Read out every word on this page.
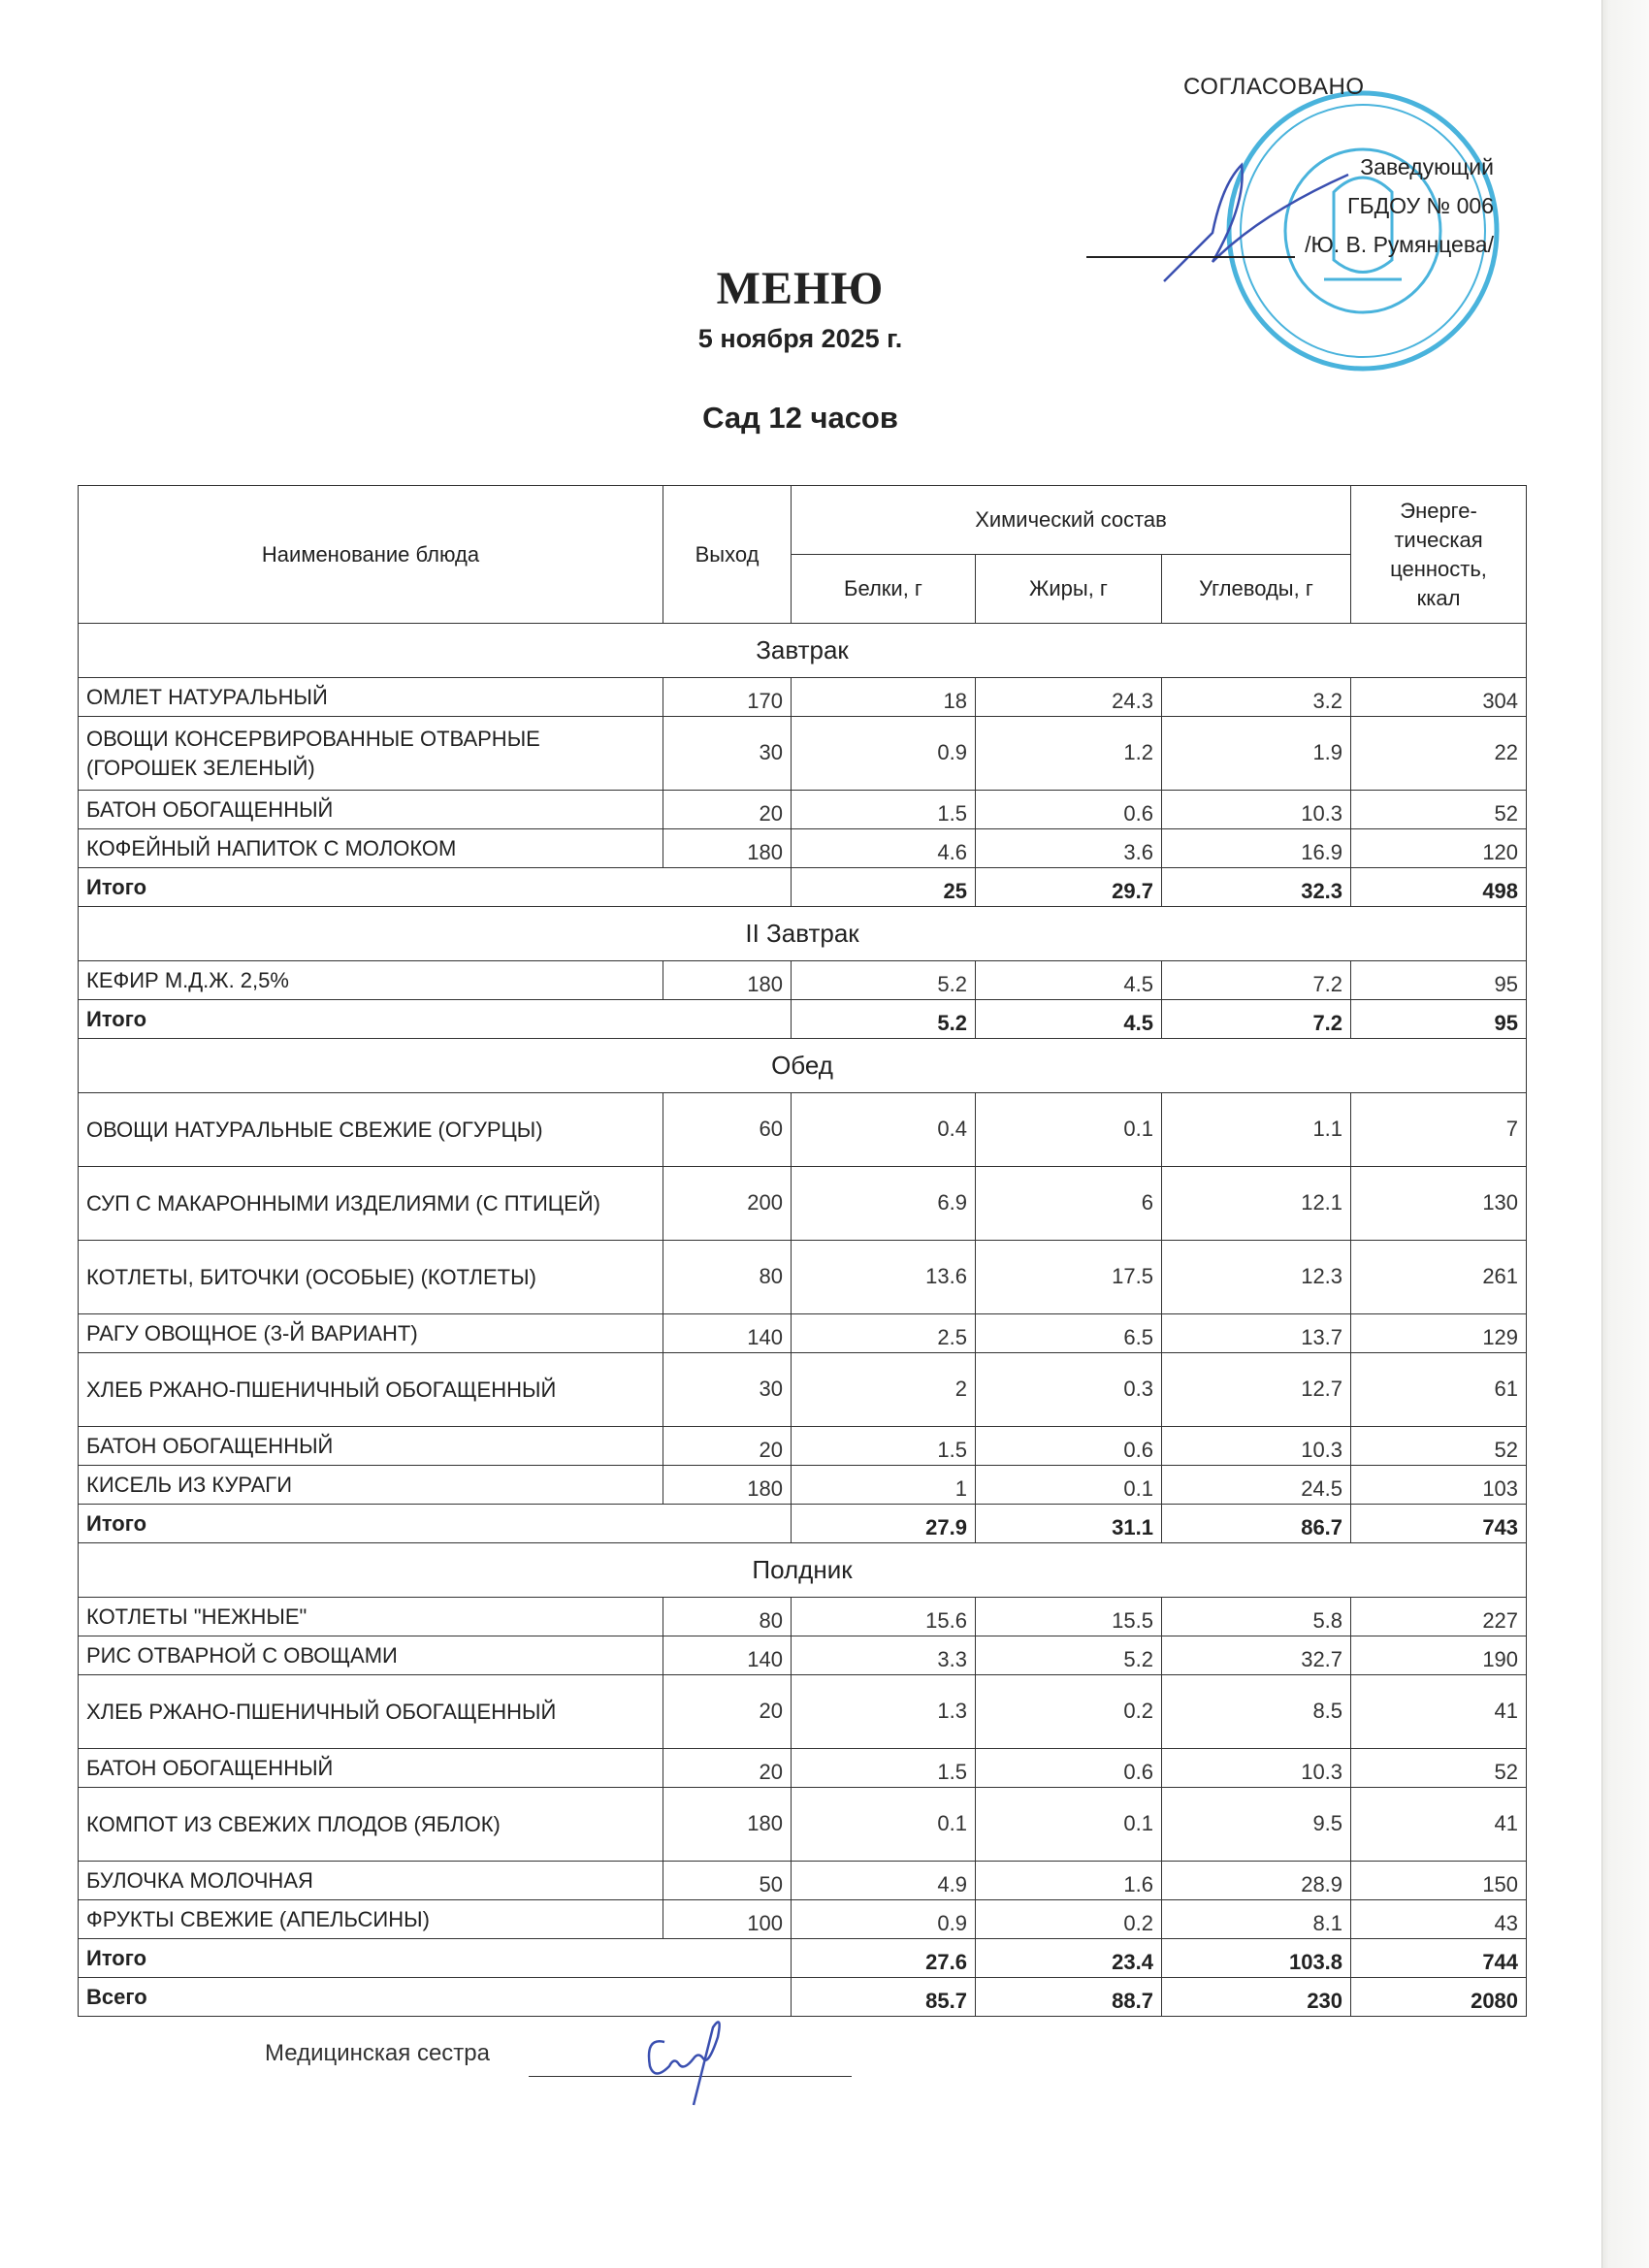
СОГЛАСОВАНО
Заведующий
ГБДОУ № 006
/Ю. В. Румянцева/
МЕНЮ
5 ноября 2025 г.
Сад 12 часов
Наименование блюда	Выход	Химический состав			Энерге-
тическая
ценность,
ккал
		Белки, г	Жиры, г	Углеводы, г	
Завтрак					
ОМЛЕТ НАТУРАЛЬНЫЙ	170	18	24.3	3.2	304
ОВОЩИ КОНСЕРВИРОВАННЫЕ ОТВАРНЫЕ (ГОРОШЕК ЗЕЛЕНЫЙ)	30	0.9	1.2	1.9	22
БАТОН ОБОГАЩЕННЫЙ	20	1.5	0.6	10.3	52
КОФЕЙНЫЙ НАПИТОК С МОЛОКОМ	180	4.6	3.6	16.9	120
Итого		25	29.7	32.3	498
II Завтрак					
КЕФИР М.Д.Ж. 2,5%	180	5.2	4.5	7.2	95
Итого		5.2	4.5	7.2	95
Обед					
ОВОЩИ НАТУРАЛЬНЫЕ СВЕЖИЕ (ОГУРЦЫ)	60	0.4	0.1	1.1	7
СУП С МАКАРОННЫМИ ИЗДЕЛИЯМИ (С ПТИЦЕЙ)	200	6.9	6	12.1	130
КОТЛЕТЫ, БИТОЧКИ (ОСОБЫЕ) (КОТЛЕТЫ)	80	13.6	17.5	12.3	261
РАГУ ОВОЩНОЕ (3-Й ВАРИАНТ)	140	2.5	6.5	13.7	129
ХЛЕБ РЖАНО-ПШЕНИЧНЫЙ ОБОГАЩЕННЫЙ	30	2	0.3	12.7	61
БАТОН ОБОГАЩЕННЫЙ	20	1.5	0.6	10.3	52
КИСЕЛЬ ИЗ КУРАГИ	180	1	0.1	24.5	103
Итого		27.9	31.1	86.7	743
Полдник					
КОТЛЕТЫ "НЕЖНЫЕ"	80	15.6	15.5	5.8	227
РИС ОТВАРНОЙ С ОВОЩАМИ	140	3.3	5.2	32.7	190
ХЛЕБ РЖАНО-ПШЕНИЧНЫЙ ОБОГАЩЕННЫЙ	20	1.3	0.2	8.5	41
БАТОН ОБОГАЩЕННЫЙ	20	1.5	0.6	10.3	52
КОМПОТ ИЗ СВЕЖИХ ПЛОДОВ (ЯБЛОК)	180	0.1	0.1	9.5	41
БУЛОЧКА МОЛОЧНАЯ	50	4.9	1.6	28.9	150
ФРУКТЫ СВЕЖИЕ (АПЕЛЬСИНЫ)	100	0.9	0.2	8.1	43
Итого		27.6	23.4	103.8	744
Всего		85.7	88.7	230	2080
Медицинская сестра
